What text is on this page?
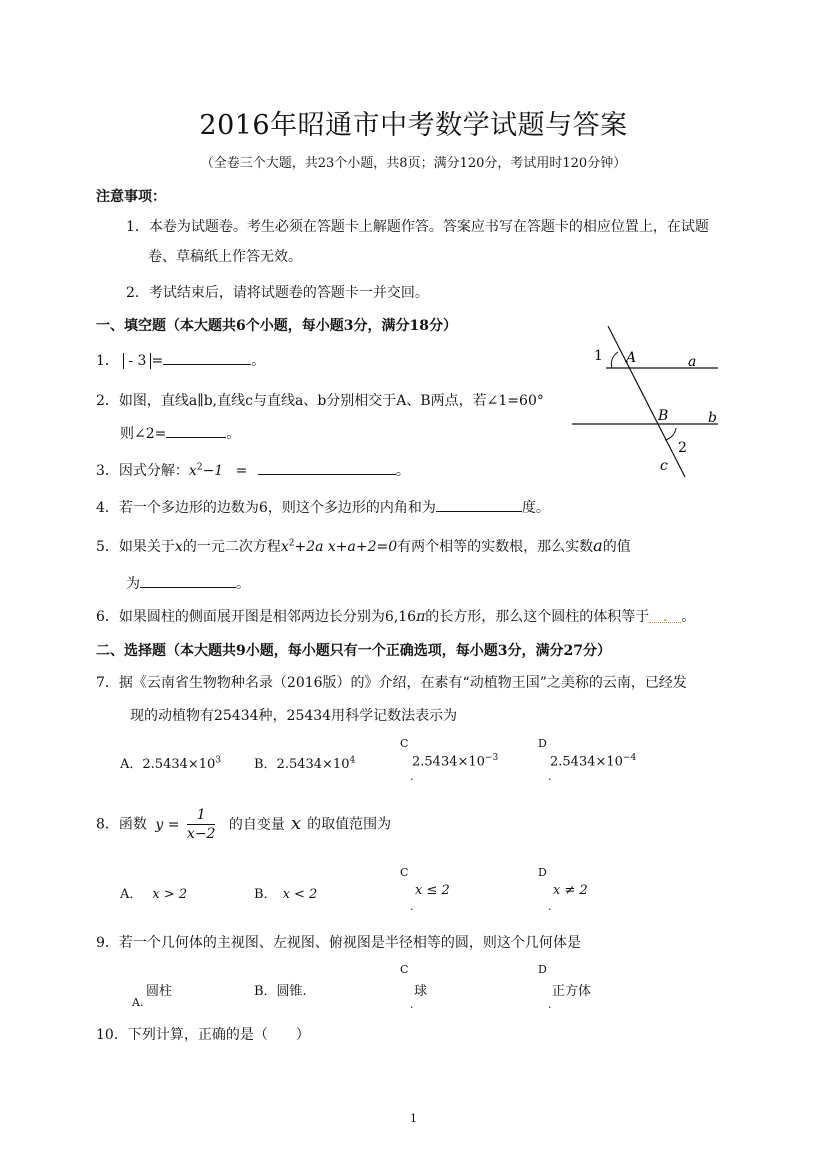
2016年昭通市中考数学试题与答案
（全卷三个大题，共23个小题，共8页；满分120分，考试用时120分钟）
注意事项：
1．本卷为试题卷。考生必须在答题卡上解题作答。答案应书写在答题卡的相应位置上，在试题
卷、草稿纸上作答无效。
2．考试结束后，请将试题卷的答题卡一并交回。
一、填空题（本大题共6个小题，每小题3分，满分18分）
1． - 3 =	。
2．如图，直线a∥b,直线c与直线a、b分别相交于A、B两点，若∠1=60°
则∠2=	。
1 A	a
B	b
2
c
3．因式分解：$x^2-1$ =	。
4．若一个多边形的边数为6，则这个多边形的内角和为	度。
5．如果关于x的一元二次方程$x^2+2a$ x+a+2=0有两个相等的实数根，那么实数a的值
为	。
6．如果圆柱的侧面展开图是相邻两边长分别为6,16π的长方形，那么这个圆柱的体积等于 . 。
二、选择题（本大题共9小题，每小题只有一个正确选项，每小题3分，满分27分）
7．据《云南省生物物种名录（2016版）的》介绍，在素有“动植物王国”之美称的云南，已经发
现的动植物有25434种，25434用科学记数法表示为
A．$2.5434\times 10^3$	B．$2.5434\times 10^4$
C
$2.5434\times 10^{-3}$
.
D
$2.5434\times 10^{-4}$
.
8．函数 $y = \frac{1}{x-2}$ 的自变量 x 的取值范围为
A． x > 2	B． x < 2
C
x ≤ 2
.
D
x ≠ 2
.
9．若一个几何体的主视图、左视图、俯视图是半径相等的圆，则这个几何体是
圆柱
A.
B．圆锥.
C
球
.
D
正方体
.
10．下列计算，正确的是（　　）
1
